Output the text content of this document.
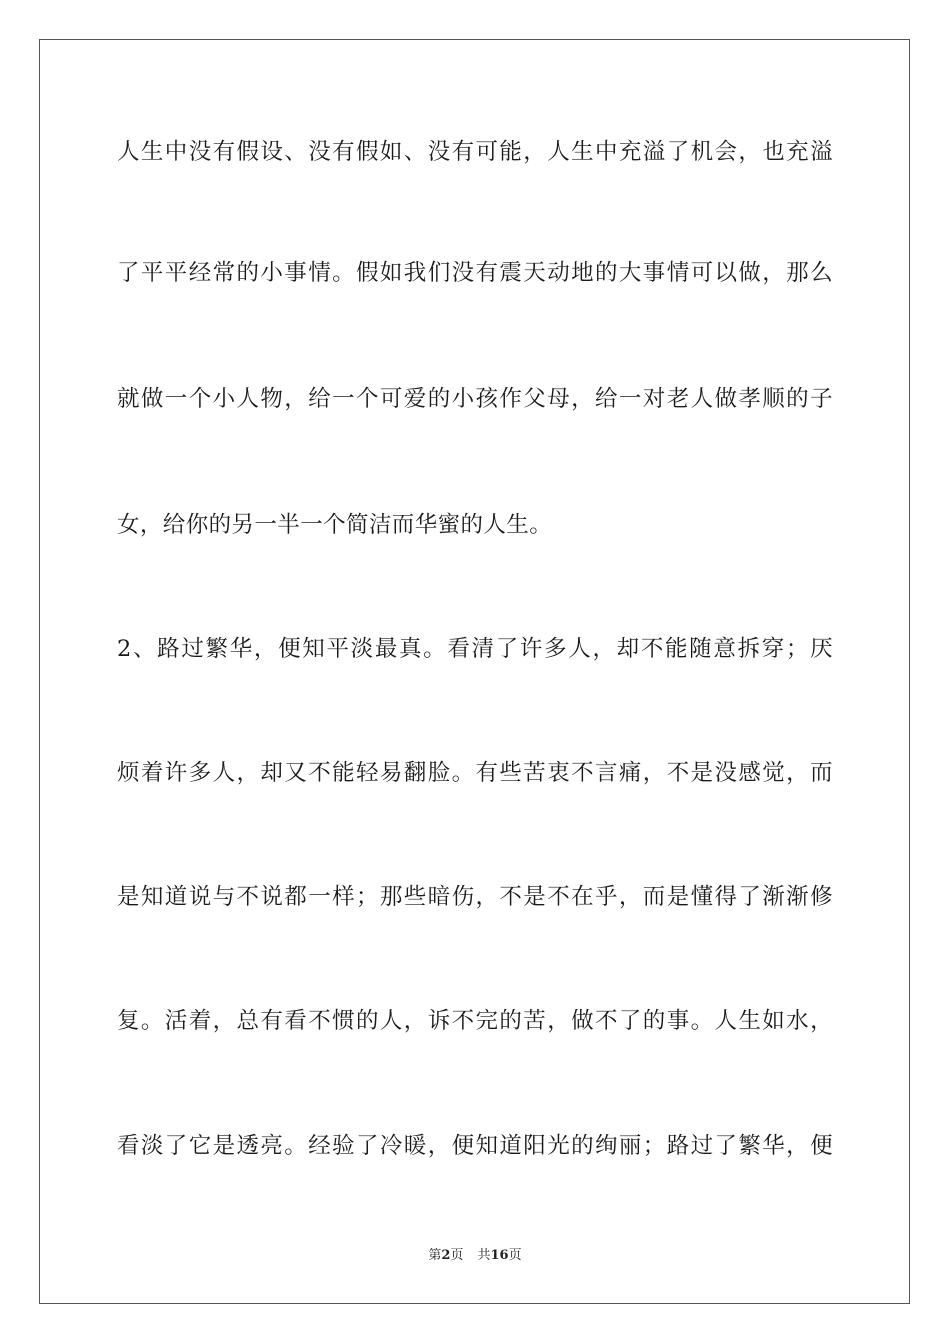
人生中没有假设、没有假如、没有可能，人生中充溢了机会，也充溢
了平平经常的小事情。假如我们没有震天动地的大事情可以做，那么
就做一个小人物，给一个可爱的小孩作父母，给一对老人做孝顺的子
女，给你的另一半一个简洁而华蜜的人生。
2、路过繁华，便知平淡最真。看清了许多人，却不能随意拆穿；厌
烦着许多人，却又不能轻易翻脸。有些苦衷不言痛，不是没感觉，而
是知道说与不说都一样；那些暗伤，不是不在乎，而是懂得了渐渐修
复。活着，总有看不惯的人，诉不完的苦，做不了的事。人生如水，
看淡了它是透亮。经验了冷暖，便知道阳光的绚丽；路过了繁华，便
第2页 共16页
